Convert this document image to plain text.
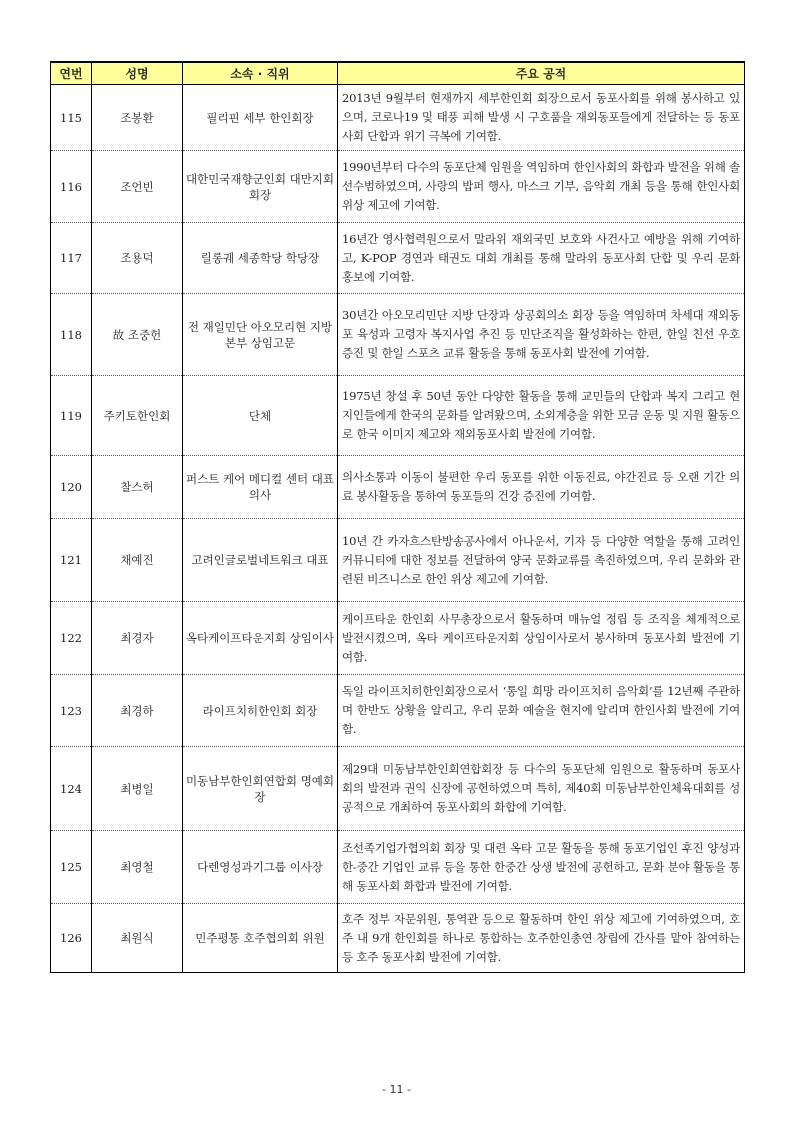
연번	성명	소속 · 직위	주요 공적
115	조봉환	필리핀 세부 한인회장	2013년 9월부터 현재까지 세부한인회 회장으로서 동포사회를 위해 봉사하고 있으며, 코로나19 및 태풍 피해 발생 시 구호품을 재외동포들에게 전달하는 등 동포사회 단합과 위기 극복에 기여함.
116	조언빈	대한민국재향군인회 대만지회 회장	1990년부터 다수의 동포단체 임원을 역임하며 한인사회의 화합과 발전을 위해 솔선수범하였으며, 사랑의 밥퍼 행사, 마스크 기부, 음악회 개최 등을 통해 한인사회 위상 제고에 기여함.
117	조용덕	릴롱궤 세종학당 학당장	16년간 영사협력원으로서 말라위 재외국민 보호와 사건사고 예방을 위해 기여하고, K-POP 경연과 태권도 대회 개최를 통해 말라위 동포사회 단합 및 우리 문화 홍보에 기여함.
118	故 조중헌	전 재일민단 아오모리현 지방본부 상임고문	30년간 아오모리민단 지방 단장과 상공회의소 회장 등을 역임하며 차세대 재외동포 육성과 고령자 복지사업 추진 등 민단조직을 활성화하는 한편, 한일 친선 우호증진 및 한일 스포츠 교류 활동을 통해 동포사회 발전에 기여함.
119	주키토한인회	단체	1975년 창설 후 50년 동안 다양한 활동을 통해 교민들의 단합과 복지 그리고 현지인들에게 한국의 문화를 알려왔으며, 소외계층을 위한 모금 운동 및 지원 활동으로 한국 이미지 제고와 재외동포사회 발전에 기여함.
120	찰스허	퍼스트 케어 메디컬 센터 대표의사	의사소통과 이동이 불편한 우리 동포를 위한 이동진료, 야간진료 등 오랜 기간 의료 봉사활동을 통하여 동포들의 건강 증진에 기여함.
121	채예진	고려인글로벌네트워크 대표	10년 간 카자흐스탄방송공사에서 아나운서, 기자 등 다양한 역할을 통해 고려인 커뮤니티에 대한 정보를 전달하여 양국 문화교류를 촉진하였으며, 우리 문화와 관련된 비즈니스로 한인 위상 제고에 기여함.
122	최경자	옥타케이프타운지회 상임이사	케이프타운 한인회 사무총장으로서 활동하며 매뉴얼 정립 등 조직을 체계적으로 발전시켰으며, 옥타 케이프타운지회 상임이사로서 봉사하며 동포사회 발전에 기여함.
123	최경하	라이프치히한인회 회장	독일 라이프치히한인회장으로서 ‘통일 희망 라이프치히 음악회’를 12년째 주관하며 한반도 상황을 알리고, 우리 문화 예술을 현지에 알리며 한인사회 발전에 기여함.
124	최병일	미동남부한인회연합회 명예회장	제29대 미동남부한인회연합회장 등 다수의 동포단체 임원으로 활동하며 동포사회의 발전과 권익 신장에 공헌하였으며 특히, 제40회 미동남부한인체육대회를 성공적으로 개최하여 동포사회의 화합에 기여함.
125	최영철	다렌영성과기그룹 이사장	조선족기업가협의회 회장 및 대련 옥타 고문 활동을 통해 동포기업인 후진 양성과 한-중간 기업인 교류 등을 통한 한중간 상생 발전에 공헌하고, 문화 분야 활동을 통해 동포사회 화합과 발전에 기여함.
126	최원식	민주평통 호주협의회 위원	호주 정부 자문위원, 통역관 등으로 활동하며 한인 위상 제고에 기여하였으며, 호주 내 9개 한인회를 하나로 통합하는 호주한인총연 창립에 간사를 맡아 참여하는 등 호주 동포사회 발전에 기여함.
- 11 -
